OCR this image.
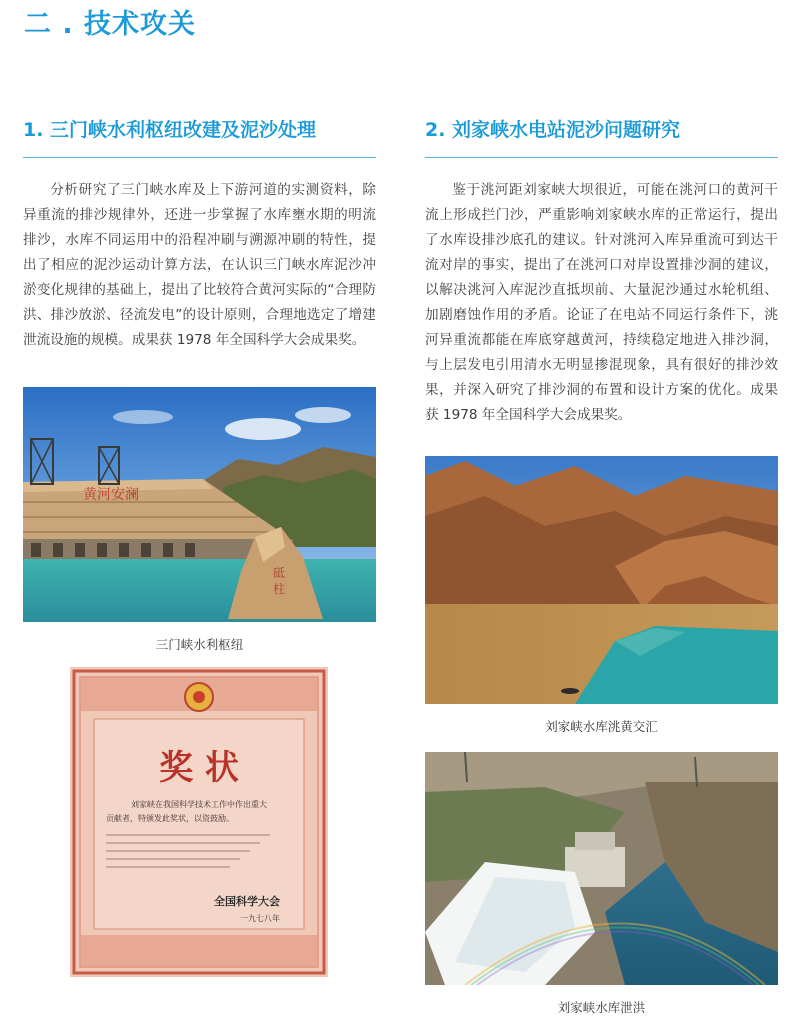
二 . 技术攻关
1. 三门峡水利枢纽改建及泥沙处理

分析研究了三门峡水库及上下游河道的实测资料，除异重流的排沙规律外，还进一步掌握了水库壅水期的明流排沙，水库不同运用中的沿程冲刷与溯源冲刷的特性，提出了相应的泥沙运动计算方法，在认识三门峡水库泥沙冲淤变化规律的基础上，提出了比较符合黄河实际的“合理防洪、排沙放淤、径流发电”的设计原则，合理地选定了增建泄流设施的规模。成果获 1978 年全国科学大会成果奖。

黄河安澜
砥
柱
三门峡水利枢纽
奖 状
刘家峡在我国科学技术工作中作出重大
贡献者，特颁发此奖状，以资鼓励。
全国科学大会
一九七八年
2. 刘家峡水电站泥沙问题研究

鉴于洮河距刘家峡大坝很近，可能在洮河口的黄河干流上形成拦门沙，严重影响刘家峡水库的正常运行，提出了水库设排沙底孔的建议。针对洮河入库异重流可到达干流对岸的事实，提出了在洮河口对岸设置排沙洞的建议，以解决洮河入库泥沙直抵坝前、大量泥沙通过水轮机组、加剧磨蚀作用的矛盾。论证了在电站不同运行条件下，洮河异重流都能在库底穿越黄河，持续稳定地进入排沙洞，与上层发电引用清水无明显掺混现象，具有很好的排沙效果，并深入研究了排沙洞的布置和设计方案的优化。成果获 1978 年全国科学大会成果奖。

刘家峡水库洮黄交汇
刘家峡水库泄洪
